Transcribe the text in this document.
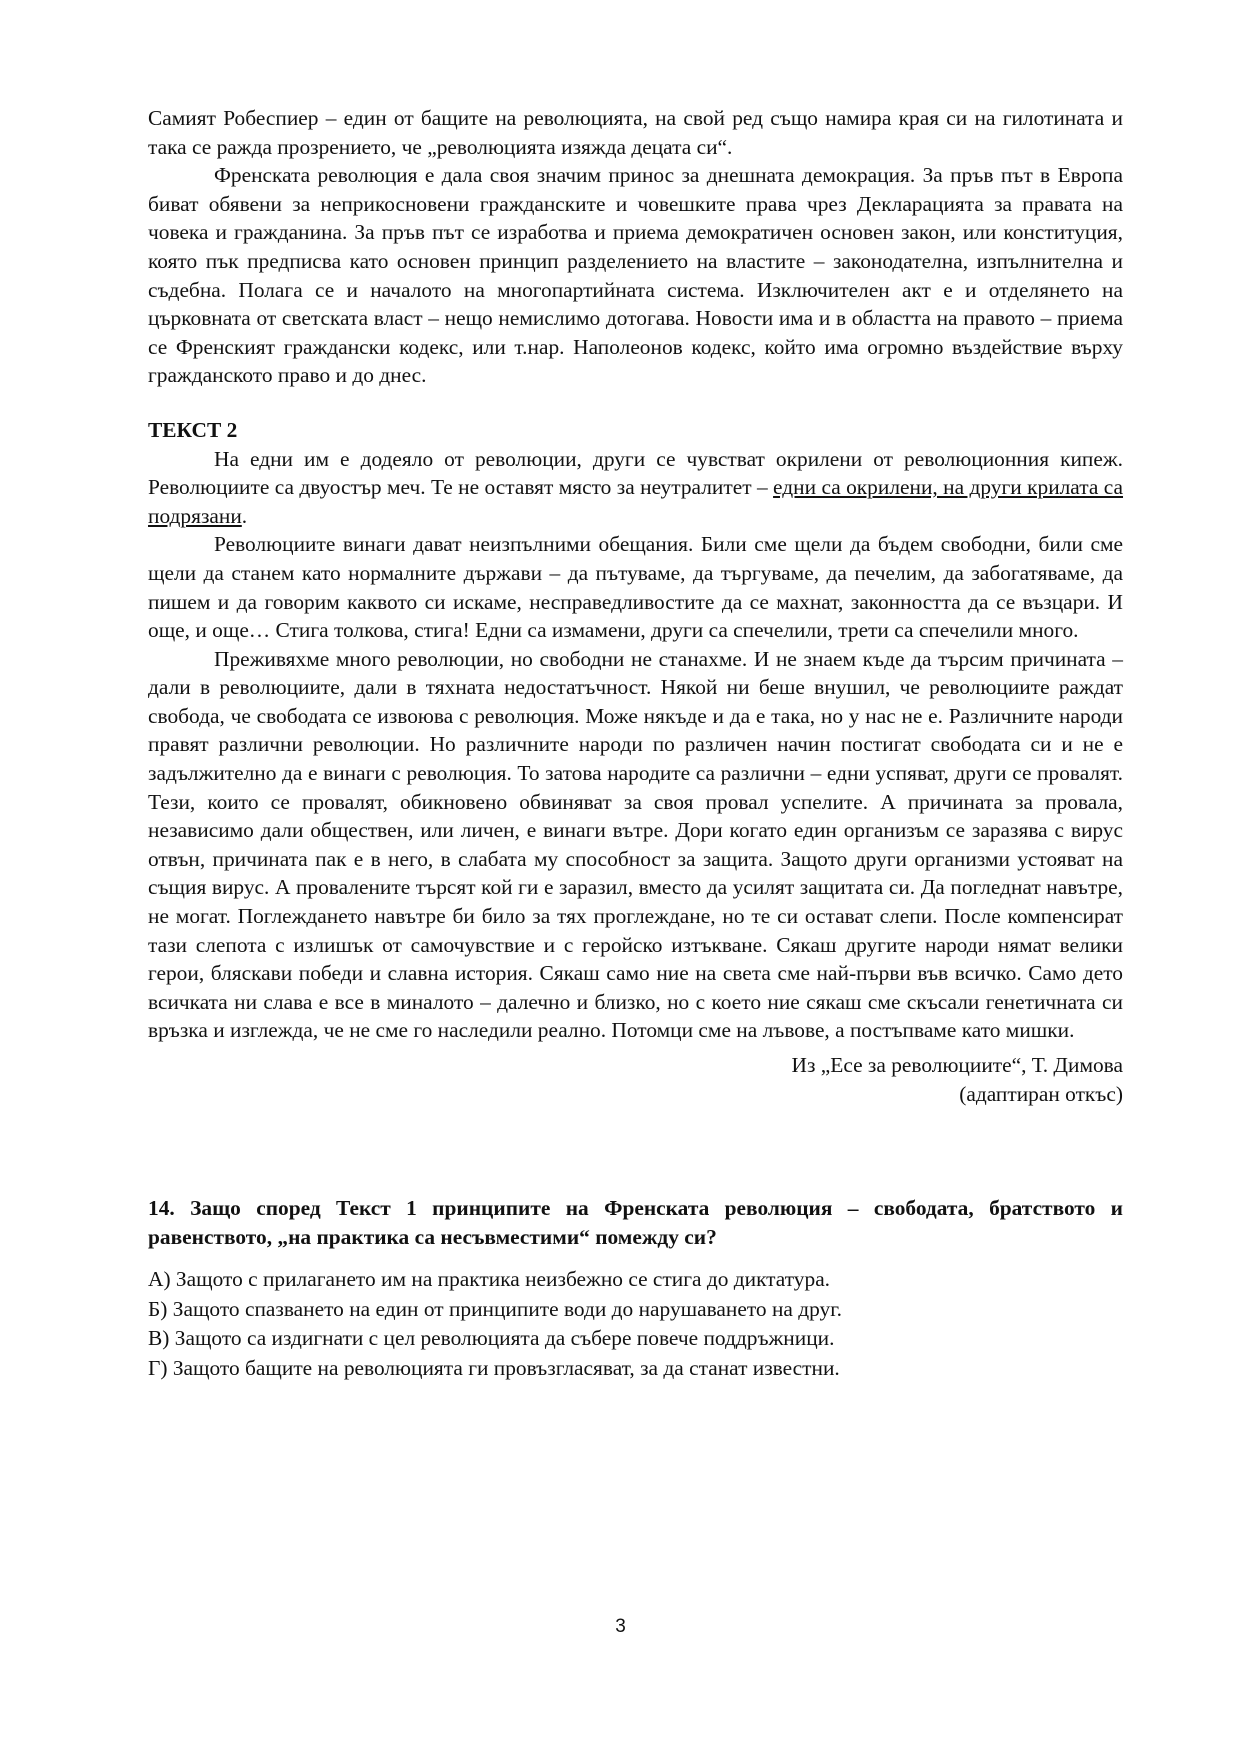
Самият Робеспиер – един от бащите на революцията, на свой ред също намира края си на гилотината и така се ражда прозрението, че „революцията изяжда децата си“.

Френската революция е дала своя значим принос за днешната демокрация. За пръв път в Европа биват обявени за неприкосновени гражданските и човешките права чрез Декларацията за правата на човека и гражданина. За пръв път се изработва и приема демократичен основен закон, или конституция, която пък предписва като основен принцип разделението на властите – законодателна, изпълнителна и съдебна. Полага се и началото на многопартийната система. Изключителен акт е и отделянето на църковната от светската власт – нещо немислимо дотогава. Новости има и в областта на правото – приема се Френският граждански кодекс, или т.нар. Наполеонов кодекс, който има огромно въздействие върху гражданското право и до днес.

ТЕКСТ 2

На едни им е додеяло от революции, други се чувстват окрилени от революционния кипеж. Революциите са двуостър меч. Те не оставят място за неутралитет – едни са окрилени, на други крилата са подрязани.

Революциите винаги дават неизпълними обещания. Били сме щели да бъдем свободни, били сме щели да станем като нормалните държави – да пътуваме, да търгуваме, да печелим, да забогатяваме, да пишем и да говорим каквото си искаме, несправедливостите да се махнат, законността да се възцари. И още, и още… Стига толкова, стига! Едни са измамени, други са спечелили, трети са спечелили много.

Преживяхме много революции, но свободни не станахме. И не знаем къде да търсим причината – дали в революциите, дали в тяхната недостатъчност. Някой ни беше внушил, че революциите раждат свобода, че свободата се извоюва с революция. Може някъде и да е така, но у нас не е. Различните народи правят различни революции. Но различните народи по различен начин постигат свободата си и не е задължително да е винаги с революция. То затова народите са различни – едни успяват, други се провалят. Тези, които се провалят, обикновено обвиняват за своя провал успелите. А причината за провала, независимо дали обществен, или личен, е винаги вътре. Дори когато един организъм се заразява с вирус отвън, причината пак е в него, в слабата му способност за защита. Защото други организми устояват на същия вирус. А провалените търсят кой ги е заразил, вместо да усилят защитата си. Да погледнат навътре, не могат. Поглеждането навътре би било за тях проглеждане, но те си остават слепи. После компенсират тази слепота с излишък от самочувствие и с геройско изтъкване. Сякаш другите народи нямат велики герои, бляскави победи и славна история. Сякаш само ние на света сме най-първи във всичко. Само дето всичката ни слава е все в миналото – далечно и близко, но с което ние сякаш сме скъсали генетичната си връзка и изглежда, че не сме го наследили реално. Потомци сме на лъвове, а постъпваме като мишки.

Из „Есе за революциите“, Т. Димова
(адаптиран откъс)

14. Защо според Текст 1 принципите на Френската революция – свободата, братството и равенството, „на практика са несъвместими“ помежду си?

А) Защото с прилагането им на практика неизбежно се стига до диктатура.

Б) Защото спазването на един от принципите води до нарушаването на друг.

В) Защото са издигнати с цел революцията да събере повече поддръжници.

Г) Защото бащите на революцията ги провъзгласяват, за да станат известни.

3
